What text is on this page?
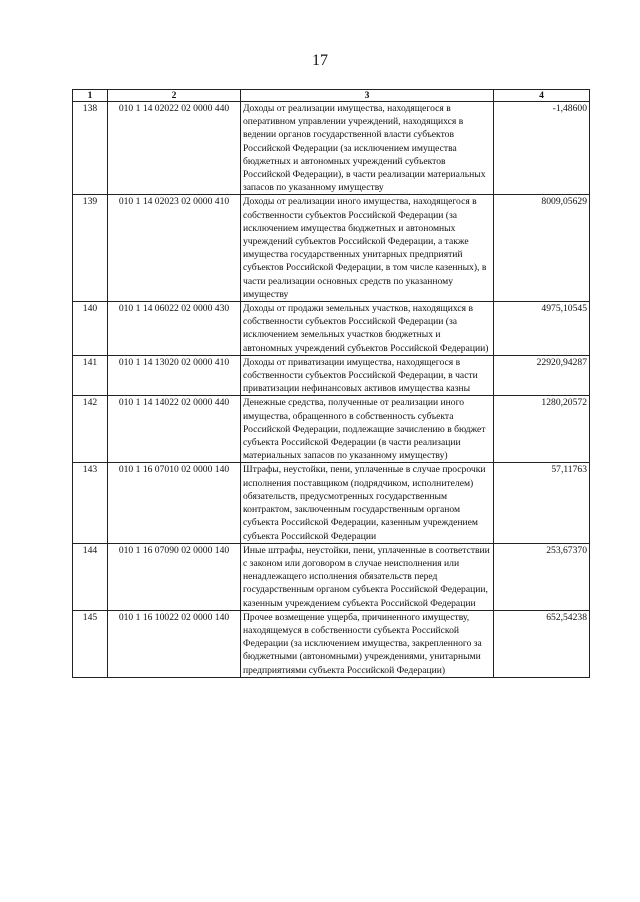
17
1	2	3	4
138	010 1 14 02022 02 0000 440	Доходы от реализации имущества, находящегося в оперативном управлении учреждений, находящихся в ведении органов государственной власти субъектов Российской Федерации (за исключением имущества бюджетных и автономных учреждений субъектов Российской Федерации), в части реализации материальных запасов по указанному имуществу	-1,48600
139	010 1 14 02023 02 0000 410	Доходы от реализации иного имущества, находящегося в собственности субъектов Российской Федерации (за исключением имущества бюджетных и автономных учреждений субъектов Российской Федерации, а также имущества государственных унитарных предприятий субъектов Российской Федерации, в том числе казенных), в части реализации основных средств по указанному имуществу	8009,05629
140	010 1 14 06022 02 0000 430	Доходы от продажи земельных участков, находящихся в собственности субъектов Российской Федерации (за исключением земельных участков бюджетных и автономных учреждений субъектов Российской Федерации)	4975,10545
141	010 1 14 13020 02 0000 410	Доходы от приватизации имущества, находящегося в собственности субъектов Российской Федерации, в части приватизации нефинансовых активов имущества казны	22920,94287
142	010 1 14 14022 02 0000 440	Денежные средства, полученные от реализации иного имущества, обращенного в собственность субъекта Российской Федерации, подлежащие зачислению в бюджет субъекта Российской Федерации (в части реализации материальных запасов по указанному имуществу)	1280,20572
143	010 1 16 07010 02 0000 140	Штрафы, неустойки, пени, уплаченные в случае просрочки исполнения поставщиком (подрядчиком, исполнителем) обязательств, предусмотренных государственным контрактом, заключенным государственным органом субъекта Российской Федерации, казенным учреждением субъекта Российской Федерации	57,11763
144	010 1 16 07090 02 0000 140	Иные штрафы, неустойки, пени, уплаченные в соответствии с законом или договором в случае неисполнения или ненадлежащего исполнения обязательств перед государственным органом субъекта Российской Федерации, казенным учреждением субъекта Российской Федерации	253,67370
145	010 1 16 10022 02 0000 140	Прочее возмещение ущерба, причиненного имуществу, находящемуся в собственности субъекта Российской Федерации (за исключением имущества, закрепленного за бюджетными (автономными) учреждениями, унитарными предприятиями субъекта Российской Федерации)	652,54238
